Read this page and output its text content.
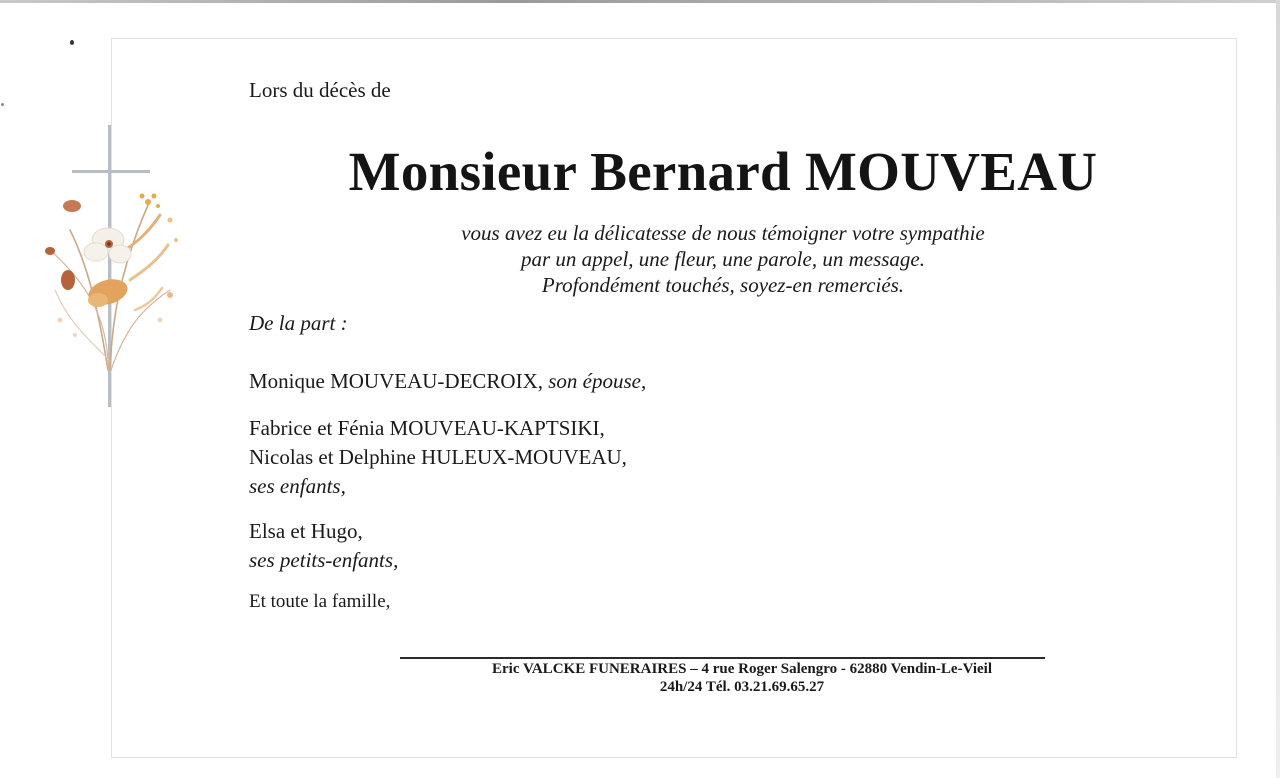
Lors du décès de
Monsieur Bernard MOUVEAU
vous avez eu la délicatesse de nous témoigner votre sympathie
par un appel, une fleur, une parole, un message.
Profondément touchés, soyez-en remerciés.
De la part :
Monique MOUVEAU-DECROIX, son épouse,
Fabrice et Fénia MOUVEAU-KAPTSIKI,
Nicolas et Delphine HULEUX-MOUVEAU,
ses enfants,
Elsa et Hugo,
ses petits-enfants,
Et toute la famille,
Eric VALCKE FUNERAIRES – 4 rue Roger Salengro - 62880 Vendin-Le-Vieil
24h/24 Tél. 03.21.69.65.27
